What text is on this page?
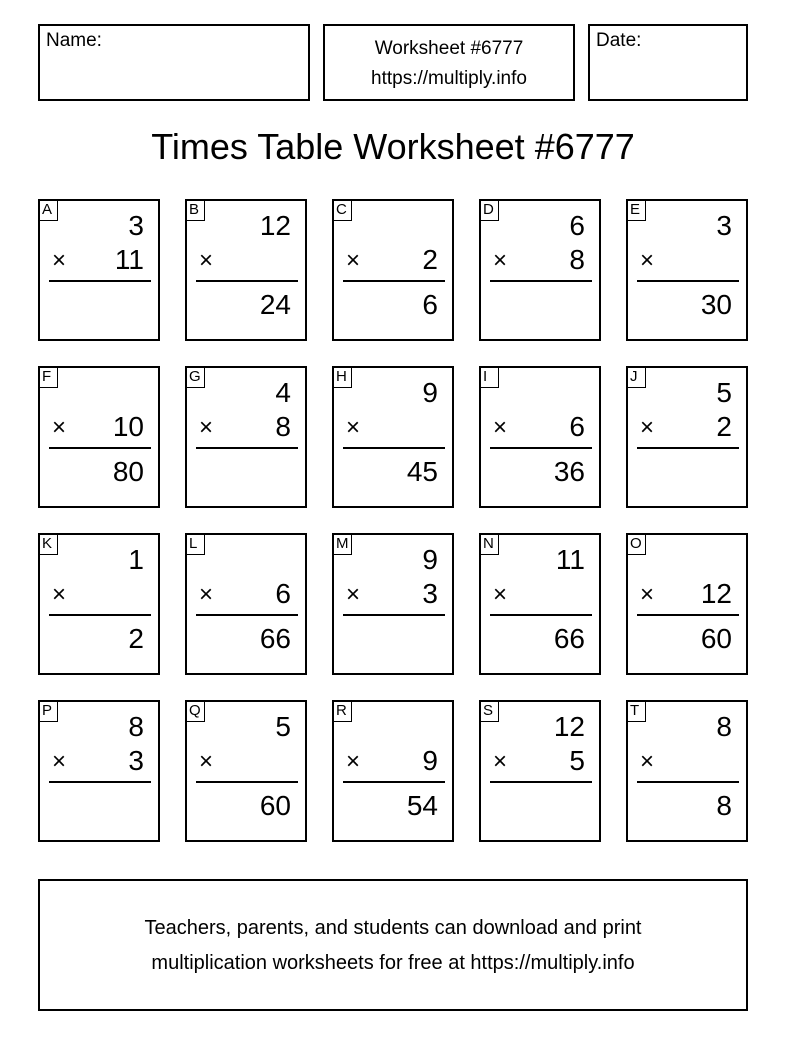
Name:	Worksheet #6777
https://multiply.info
Date:
Times Table Worksheet #6777
A
3
× 11
B
12
×
24
C
× 2
6
D
6
× 8
E
3
×
30
F
× 10
80
G
4
× 8
H
9
×
45
I
× 6
36
J
5
× 2
K
1
×
2
L
× 6
66
M
9
× 3
N
11
×
66
O
× 12
60
P
8
× 3
Q
5
×
60
R
× 9
54
S
12
× 5
T
8
×
8
Teachers, parents, and students can download and print
multiplication worksheets for free at https://multiply.info
